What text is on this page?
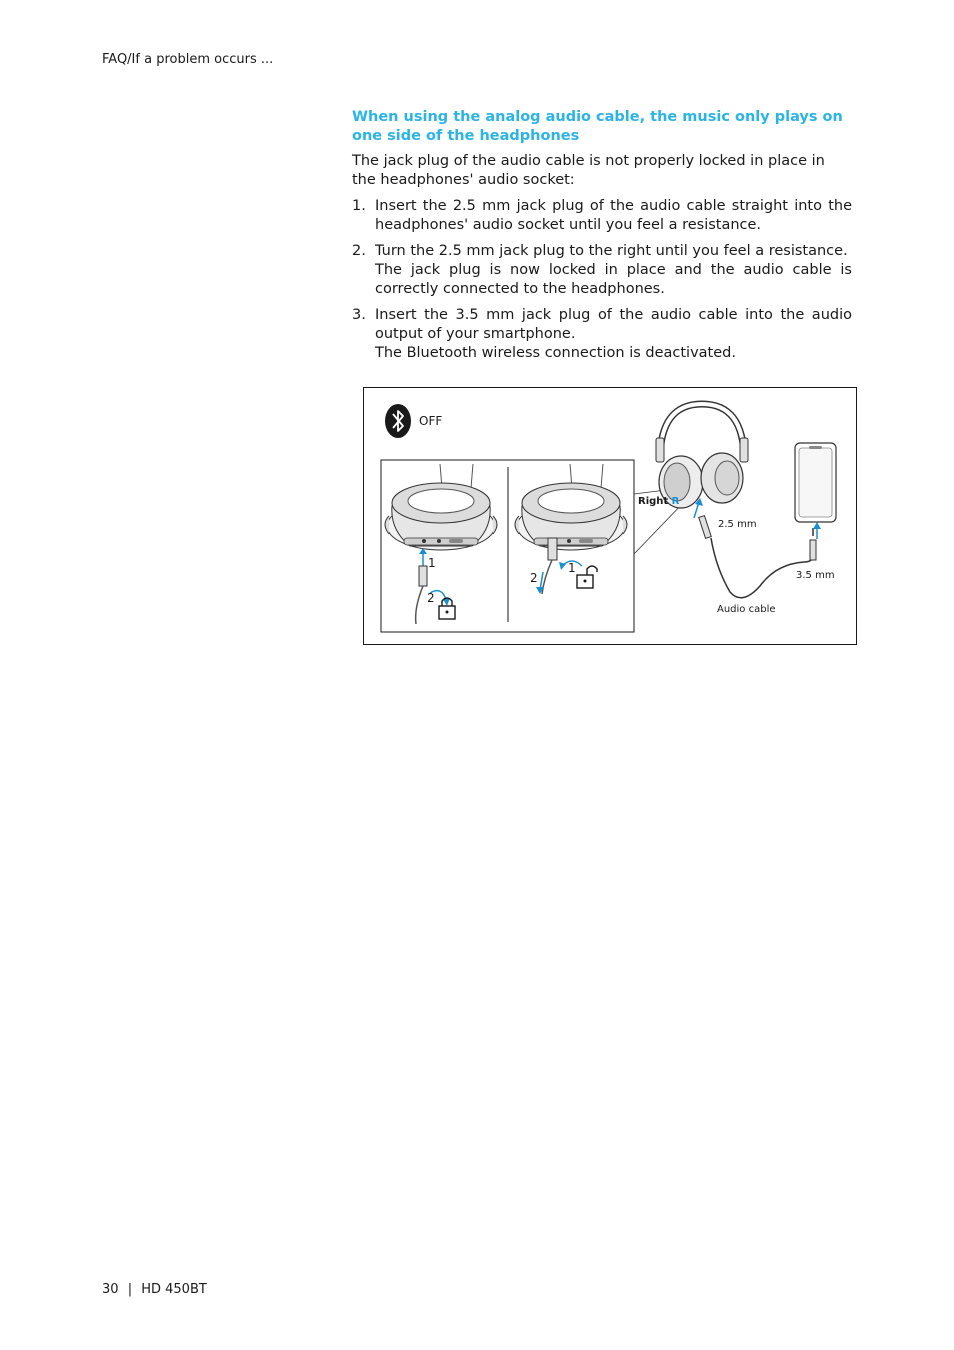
FAQ/If a problem occurs ...

When using the analog audio cable, the music only plays on one side of the headphones

The jack plug of the audio cable is not properly locked in place in the headphones' audio socket:

1. Insert the 2.5 mm jack plug of the audio cable straight into the headphones' audio socket until you feel a resistance.
2. Turn the 2.5 mm jack plug to the right until you feel a resistance.
The jack plug is now locked in place and the audio cable is correctly connected to the headphones.
3. Insert the 3.5 mm jack plug of the audio cable into the audio output of your smartphone.
The Bluetooth wireless connection is deactivated.
OFF
1
2
1
2
Right R
2.5 mm
3.5 mm
Audio cable
30 | HD 450BT
